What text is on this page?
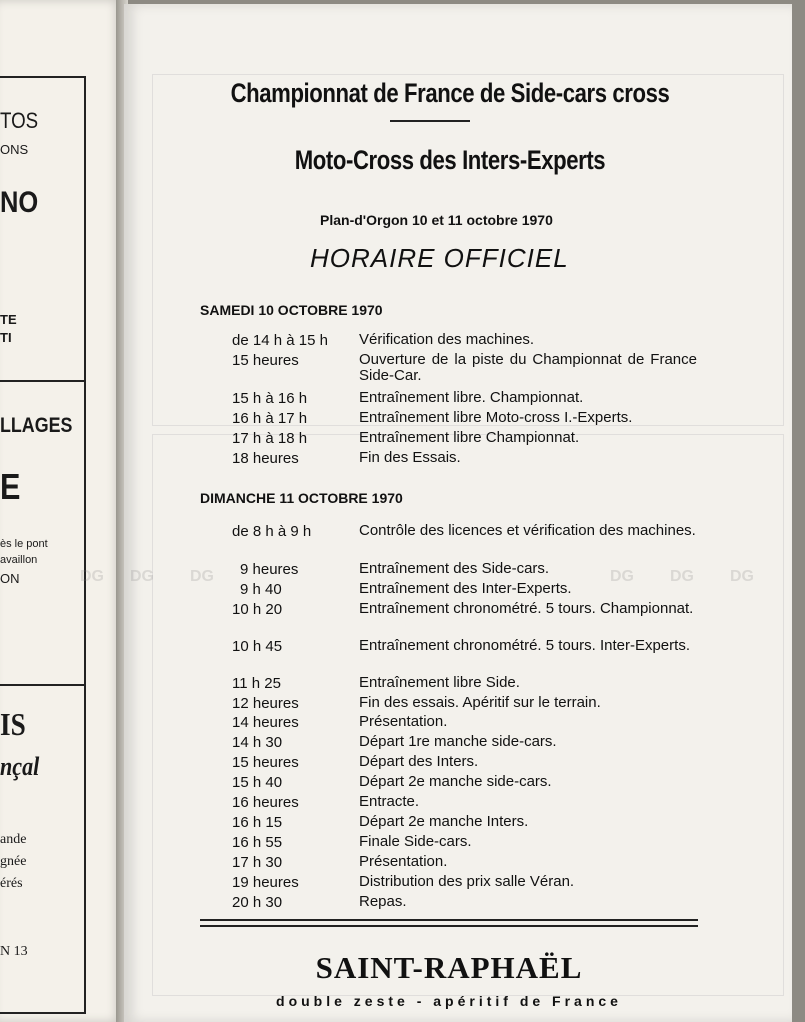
TOS
ONS
NO
TE
TI
LLAGES
E
ès le pont
availlon
ON
IS
nçal
ande
gnée
érés
N 13
DG DG DG	DG DG DG
Championnat de France de Side-cars cross
Moto-Cross des Inters-Experts
Plan-d'Orgon 10 et 11 octobre 1970
HORAIRE OFFICIEL
SAMEDI 10 OCTOBRE 1970
de 14 h à 15 h Vérification des machines.
15 heures	Ouverture de la piste du Championnat de France Side-Car.
15 h à 16 h	Entraînement libre. Championnat.
16 h à 17 h	Entraînement libre Moto-cross I.-Experts.
17 h à 18 h	Entraînement libre Championnat.
18 heures	Fin des Essais.
DIMANCHE 11 OCTOBRE 1970
de 8 h à 9 h	Contrôle des licences et vérification des machines.
9 heures	Entraînement des Side-cars.
9 h 40	Entraînement des Inter-Experts.
10 h 20	Entraînement chronométré. 5 tours. Championnat.
10 h 45	Entraînement chronométré. 5 tours. Inter-Experts.
11 h 25	Entraînement libre Side.
12 heures	Fin des essais. Apéritif sur le terrain.
14 heures	Présentation.
14 h 30	Départ 1re manche side-cars.
15 heures	Départ des Inters.
15 h 40	Départ 2e manche side-cars.
16 heures	Entracte.
16 h 15	Départ 2e manche Inters.
16 h 55	Finale Side-cars.
17 h 30	Présentation.
19 heures	Distribution des prix salle Véran.
20 h 30	Repas.
SAINT-RAPHAËL
double zeste - apéritif de France
